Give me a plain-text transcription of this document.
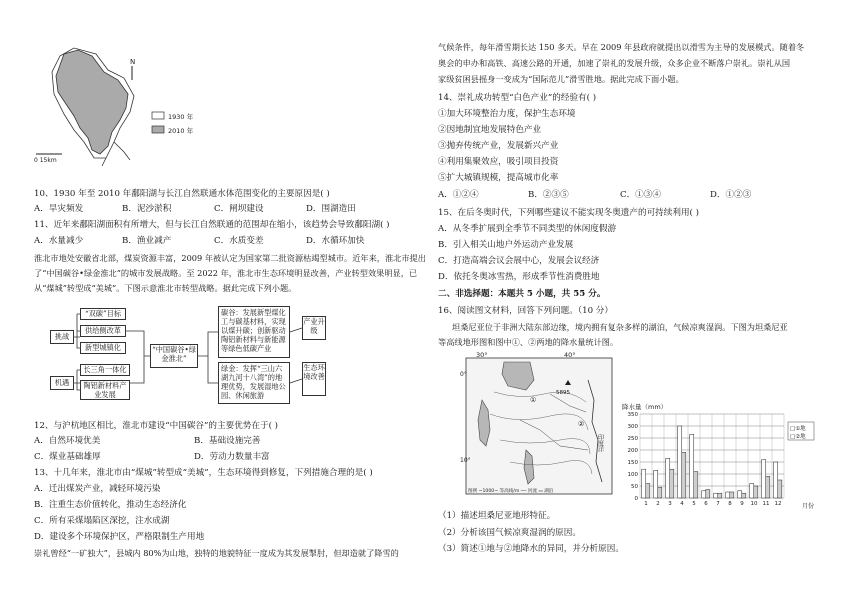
N
1930 年
2010 年
0 15km
10、1930 年至 2010 年鄱阳湖与长江自然联通水体范围变化的主要原因是( )
A．旱灾频发	B．泥沙淤积	C．闸坝建设	D．围湖造田
11、近年来鄱阳湖面积有所增大，但与长江自然联通的范围却在缩小，该趋势会导致鄱阳湖( )
A．水量减少	B．渔业减产	C．水质变差	D．水循环加快
淮北市地处安徽省北部，煤炭资源丰富，2009 年被认定为国家第二批资源枯竭型城市。近年来，淮北市提出了“中国碳谷•绿金淮北”的城市发展战略。至 2022 年，淮北市生态环境明显改善，产业转型效果明显，已从“煤城”转型成“美城”。下图示意淮北市转型战略。据此完成下列小题。
挑战
机遇
“双碳”目标
供给侧改革
新型城镇化
长三角一体化
陶铝新材料产业发展
“中国碳谷•绿金淮北”
碳谷：发展新型煤化工与碳基材料，实现以煤升碳；创新驱动陶铝新材料与新能源等绿色低碳产业
绿金：发挥“三山六湖九河十八湾”的地理优势，发展湿地公园、休闲旅游
产业升级
生态环境改善
12、与沪杭地区相比，淮北市建设“中国碳谷”的主要优势在于( )
A．自然环境优美	B．基础设施完善
C．煤业基础雄厚	D．劳动力数量丰富
13、十几年来，淮北市由“煤城”转型成“美城”，生态环境得到修复，下列措施合理的是( )
A．迁出煤炭产业，减轻环境污染
B．注重生态价值转化，推动生态经济化
C．所有采煤塌陷区深挖，注水成湖
D．建设多个环境保护区，严格限制生产用地
崇礼曾经“一矿独大”，县城内 80%为山地，独特的地貌特征一度成为其发展掣肘，但却造就了降雪的
气候条件，每年滑雪期长达 150 多天。早在 2009 年县政府就提出以滑雪为主导的发展模式。随着冬
奥会的申办和高铁、高速公路的开通，加速了崇礼的发展升级，众多企业不断落户崇礼。崇礼从国
家级贫困县摇身一变成为“国际范儿”滑雪胜地。据此完成下面小题。
14、崇礼成功转型“白色产业”的经验有( )
①加大环境整治力度，保护生态环境
②因地制宜地发展特色产业
③抛弃传统产业，发展新兴产业
④利用集聚效应，吸引项目投资
⑤扩大城镇规模，提高城市化率
A．①②④	B．②③⑤	C．①③④	D．①②③
15、在后冬奥时代，下列哪些建议不能实现冬奥遗产的可持续利用( )
A．从冬季扩展到全季节不同类型的休闲度假游
B．引入相关山地户外运动产业发展
C．打造高端会议会展中心，发展会议经济
D．依托冬奥冰雪热，形成季节性消费胜地
二、非选择题：本题共 5 小题，共 55 分。
16、阅读图文材料，回答下列问题。（10 分）
坦桑尼亚位于非洲大陆东部边缘，境内拥有复杂多样的湖泊，气候凉爽湿润。下图为坦桑尼亚
等高线地形图和图中①、②两地的降水量统计图。
30°	40°
0°
10°
5895
①
②
印度洋
图例 ~1000~ 等高线/m ── 河流 ▭ 湖泊
降水量（mm）
0
50
100
150
200
250
300
350
1 2 3 4 5 6 7 8 9 10 11 12	月份
□①地
□②地
（1）描述坦桑尼亚地形特征。
（2）分析该国气候凉爽湿润的原因。
（3）简述①地与②地降水的异同，并分析原因。
